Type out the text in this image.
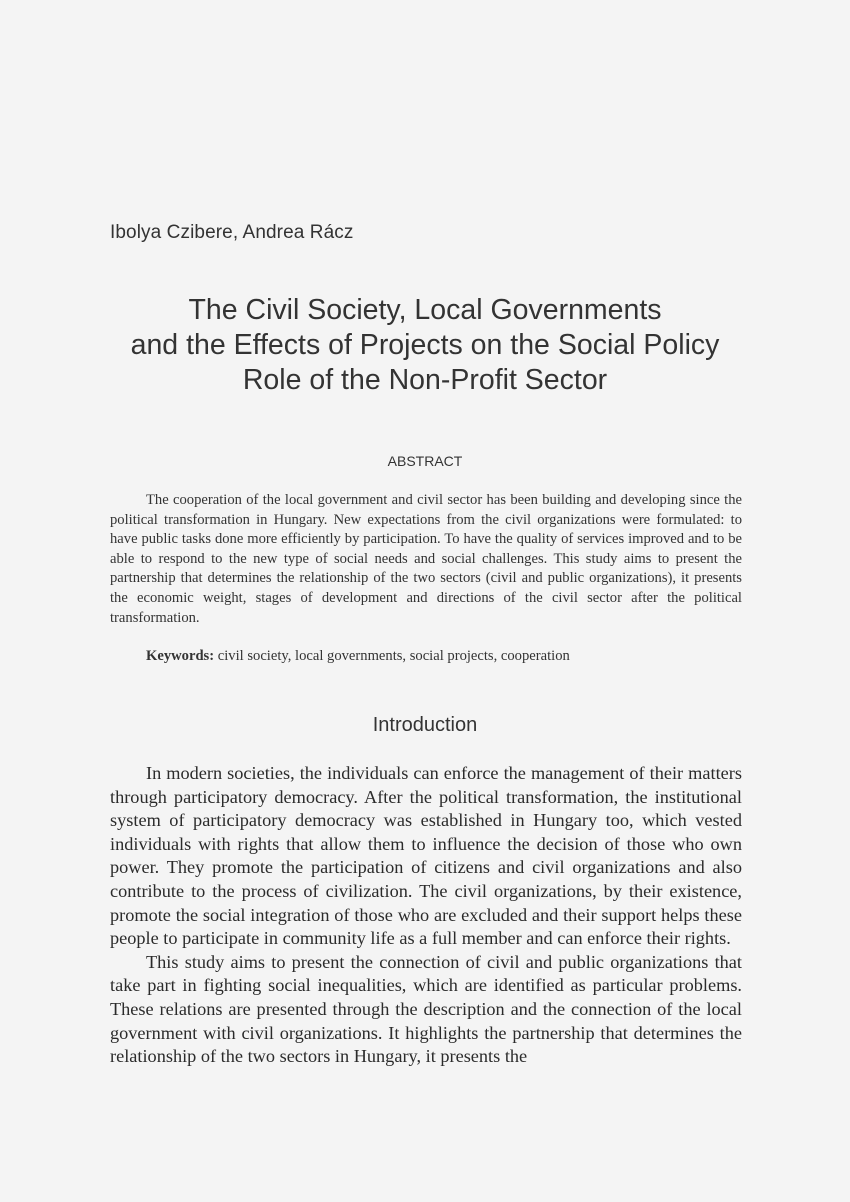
Ibolya Czibere, Andrea Rácz
The Civil Society, Local Governments
and the Effects of Projects on the Social Policy
Role of the Non-Profit Sector
ABSTRACT

The cooperation of the local government and civil sector has been building and developing since the political transformation in Hungary. New expectations from the civil organizations were formulated: to have public tasks done more efficiently by participation. To have the quality of services improved and to be able to respond to the new type of social needs and social challenges. This study aims to present the partnership that determines the relationship of the two sectors (civil and public organizations), it presents the economic weight, stages of development and directions of the civil sector after the political transformation.

Keywords: civil society, local governments, social projects, cooperation

Introduction

In modern societies, the individuals can enforce the management of their matters through participatory democracy. After the political transformation, the institutional system of participatory democracy was established in Hungary too, which vested individuals with rights that allow them to influence the decision of those who own power. They promote the participation of citizens and civil organizations and also contribute to the process of civilization. The civil organizations, by their existence, promote the social integration of those who are excluded and their support helps these people to participate in community life as a full member and can enforce their rights.

This study aims to present the connection of civil and public organizations that take part in fighting social inequalities, which are identified as particular problems. These relations are presented through the description and the connection of the local government with civil organizations. It highlights the partnership that determines the relationship of the two sectors in Hungary, it presents the
